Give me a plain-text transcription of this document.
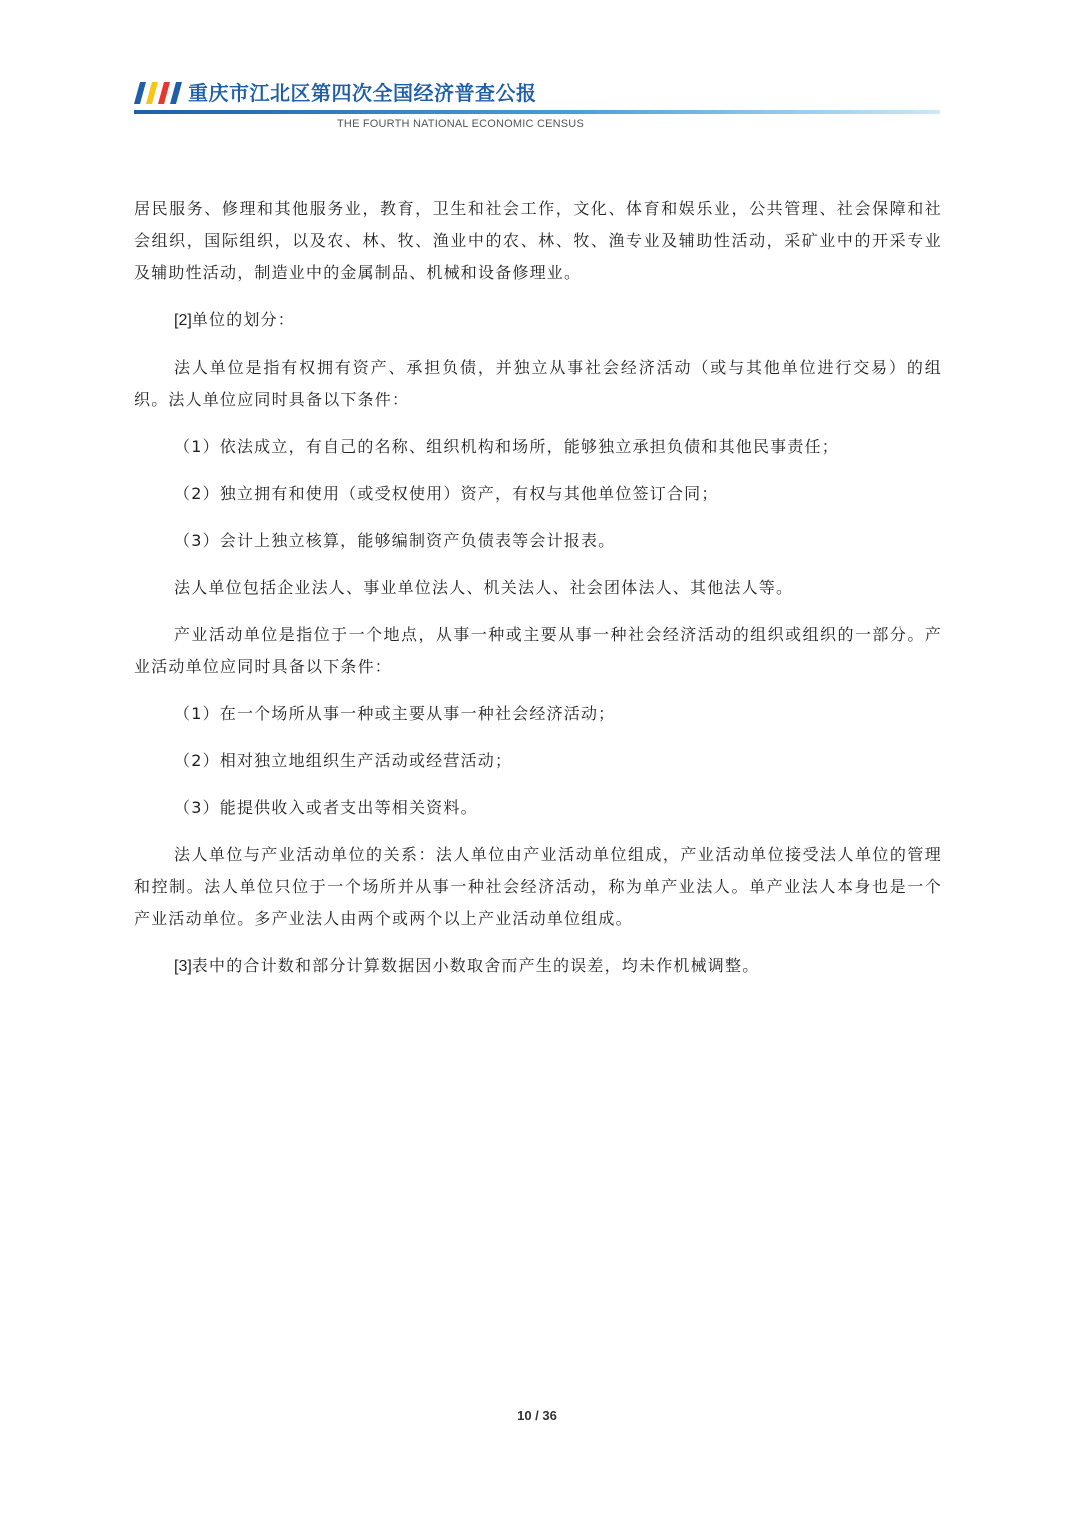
重庆市江北区第四次全国经济普查公报
THE FOURTH NATIONAL ECONOMIC CENSUS

居民服务、修理和其他服务业，教育，卫生和社会工作，文化、体育和娱乐业，公共管理、社会保障和社会组织，国际组织，以及农、林、牧、渔业中的农、林、牧、渔专业及辅助性活动，采矿业中的开采专业及辅助性活动，制造业中的金属制品、机械和设备修理业。

[2]单位的划分：

法人单位是指有权拥有资产、承担负债，并独立从事社会经济活动（或与其他单位进行交易）的组织。法人单位应同时具备以下条件：

（1）依法成立，有自己的名称、组织机构和场所，能够独立承担负债和其他民事责任；

（2）独立拥有和使用（或受权使用）资产，有权与其他单位签订合同；

（3）会计上独立核算，能够编制资产负债表等会计报表。

法人单位包括企业法人、事业单位法人、机关法人、社会团体法人、其他法人等。

产业活动单位是指位于一个地点，从事一种或主要从事一种社会经济活动的组织或组织的一部分。产业活动单位应同时具备以下条件：

（1）在一个场所从事一种或主要从事一种社会经济活动；

（2）相对独立地组织生产活动或经营活动；

（3）能提供收入或者支出等相关资料。

法人单位与产业活动单位的关系：法人单位由产业活动单位组成，产业活动单位接受法人单位的管理和控制。法人单位只位于一个场所并从事一种社会经济活动，称为单产业法人。单产业法人本身也是一个产业活动单位。多产业法人由两个或两个以上产业活动单位组成。

[3]表中的合计数和部分计算数据因小数取舍而产生的误差，均未作机械调整。

10 / 36
